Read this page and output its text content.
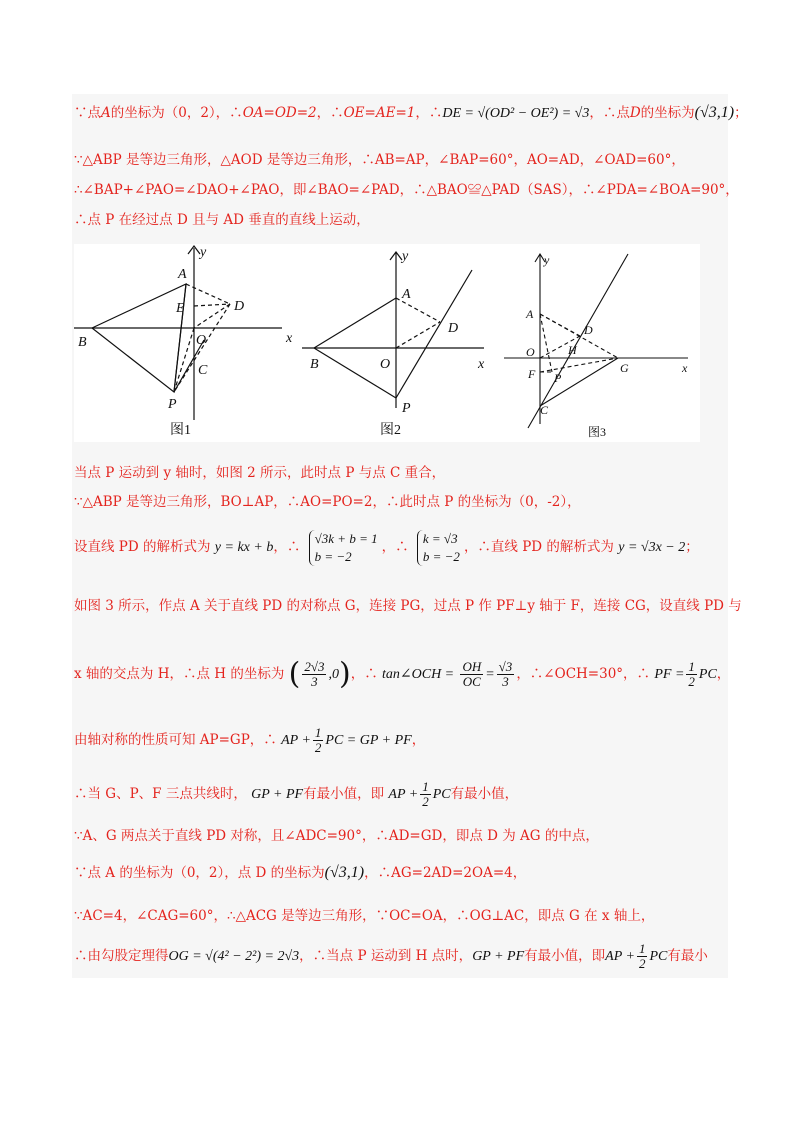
∵点A的坐标为（0，2），∴OA=OD=2，∴OE=AE=1，∴DE = √(OD² − OE²) = √3，∴点D的坐标为(√3,1)；
∵△ABP 是等边三角形，△AOD 是等边三角形，∴AB=AP，∠BAP=60°，AO=AD，∠OAD=60°，
∴∠BAP+∠PAO=∠DAO+∠PAO，即∠BAO=∠PAD，∴△BAO≌△PAD（SAS），∴∠PDA=∠BOA=90°，
∴点 P 在经过点 D 且与 AD 垂直的直线上运动，
A
B
C
D
E
O
P
x
y
图1
A
B
D
O
P
x
y
图2
A
C
D
F	G
H
O
P
x
y
图3
当点 P 运动到 y 轴时，如图 2 所示，此时点 P 与点 C 重合，
∵△ABP 是等边三角形，BO⊥AP，∴AO=PO=2，∴此时点 P 的坐标为（0，-2），
设直线 PD 的解析式为 y = kx + b，∴
√3k + b = 1
b = −2
，∴
k = √3
b = −2
，∴直线 PD 的解析式为 y = √3x − 2；
如图 3 所示，作点 A 关于直线 PD 的对称点 G，连接 PG，过点 P 作 PF⊥y 轴于 F，连接 CG，设直线 PD 与
x 轴的交点为 H，∴点 H 的坐标为 ( $\frac{2√3}{3} ,0$)，∴ tan∠OCH = $\frac{OH}{OC} = \frac{√3}{3}$ ，∴∠OCH=30°，∴ PF = $\frac{1}{2}$ PC，
由轴对称的性质可知 AP=GP，∴ AP + $\frac{1}{2}$ PC = GP + PF，
∴当 G、P、F 三点共线时， GP + PF有最小值，即 AP + $\frac{1}{2}$ PC有最小值，
∵A、G 两点关于直线 PD 对称，且∠ADC=90°，∴AD=GD，即点 D 为 AG 的中点，
∵点 A 的坐标为（0，2），点 D 的坐标为(√3,1)，∴AG=2AD=2OA=4，
∵AC=4，∠CAG=60°，∴△ACG 是等边三角形，∵OC=OA，∴OG⊥AC，即点 G 在 x 轴上，
∴由勾股定理得OG = √(4² − 2²) = 2√3，∴当点 P 运动到 H 点时，GP + PF有最小值，即AP + $\frac{1}{2}$ PC有最小
